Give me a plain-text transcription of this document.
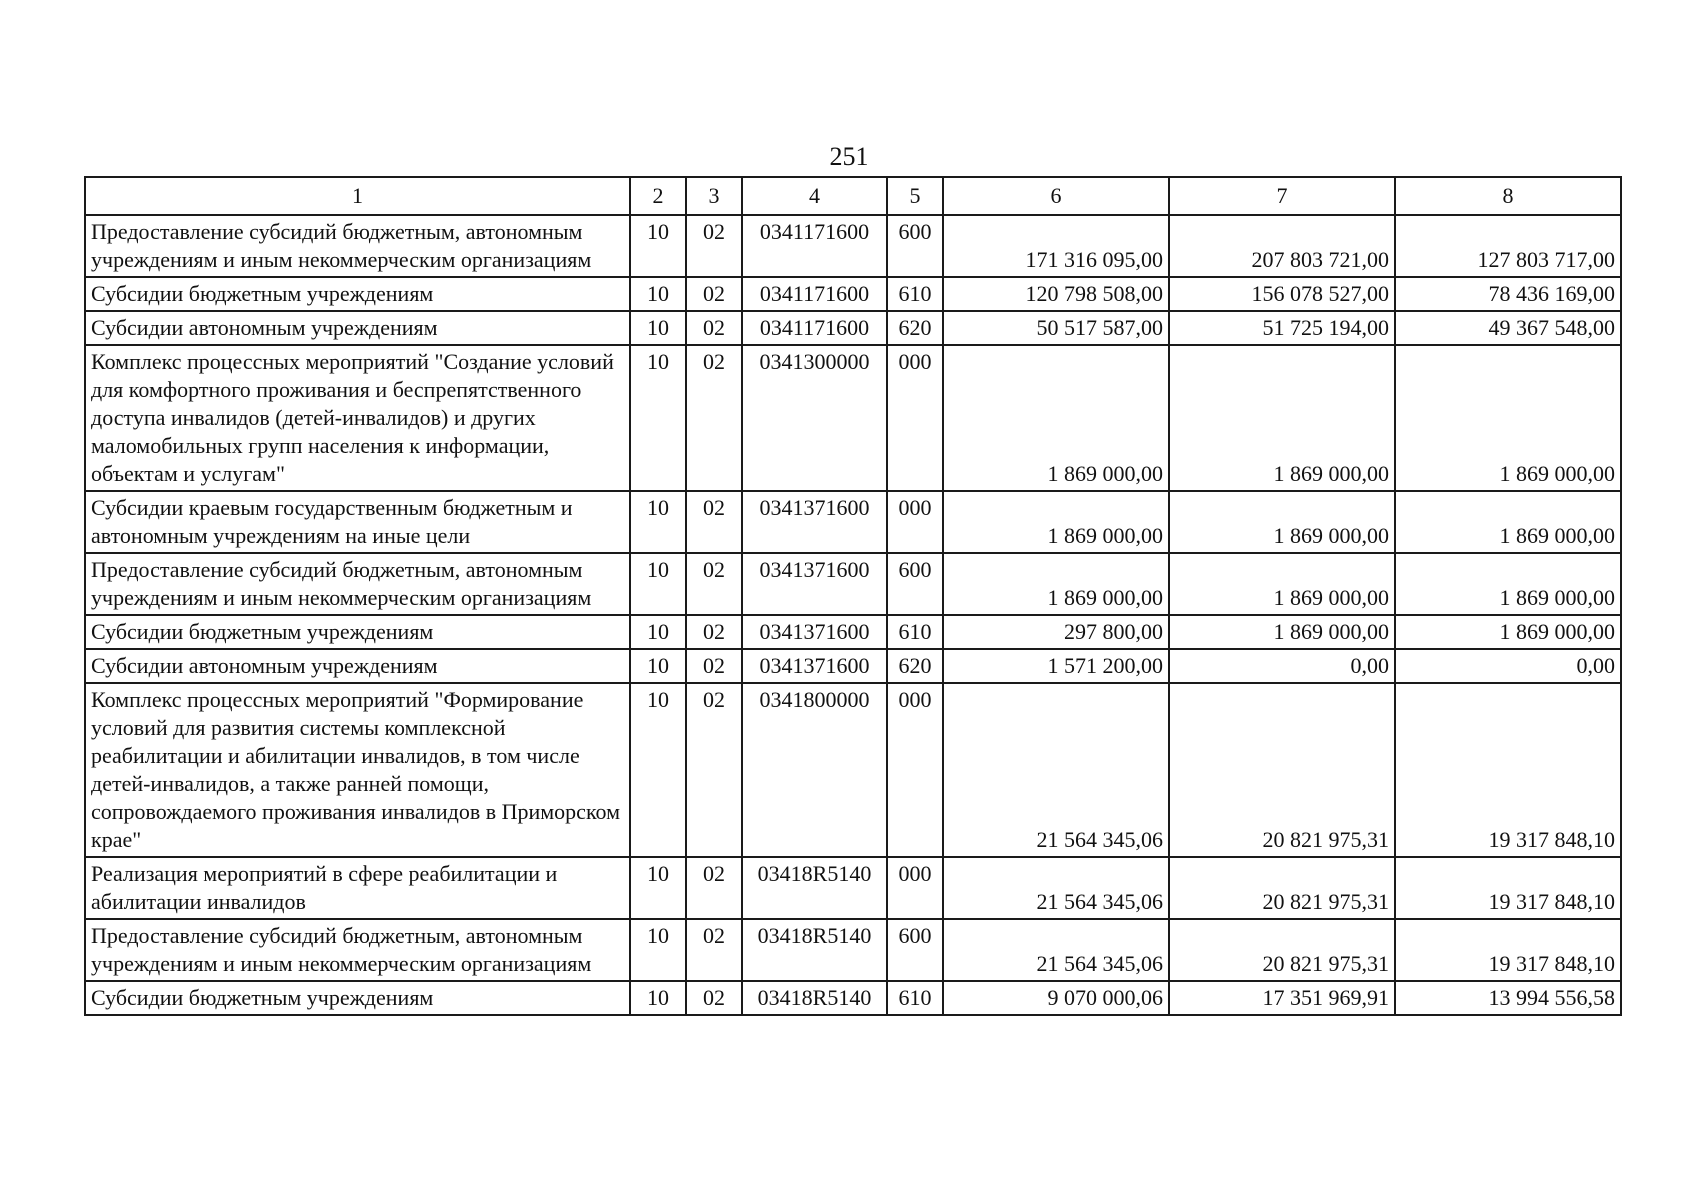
251
1	2	3	4	5	6	7	8
Предоставление субсидий бюджетным, автономным учреждениям и иным некоммерческим организациям	10	02	0341171600	600	171 316 095,00	207 803 721,00	127 803 717,00
Субсидии бюджетным учреждениям	10	02	0341171600	610	120 798 508,00	156 078 527,00	78 436 169,00
Субсидии автономным учреждениям	10	02	0341171600	620	50 517 587,00	51 725 194,00	49 367 548,00
Комплекс процессных мероприятий "Создание условий для комфортного проживания и беспрепятственного доступа инвалидов (детей-инвалидов) и других маломобильных групп населения к информации, объектам и услугам"	10	02	0341300000	000	1 869 000,00	1 869 000,00	1 869 000,00
Субсидии краевым государственным бюджетным и автономным учреждениям на иные цели	10	02	0341371600	000	1 869 000,00	1 869 000,00	1 869 000,00
Предоставление субсидий бюджетным, автономным учреждениям и иным некоммерческим организациям	10	02	0341371600	600	1 869 000,00	1 869 000,00	1 869 000,00
Субсидии бюджетным учреждениям	10	02	0341371600	610	297 800,00	1 869 000,00	1 869 000,00
Субсидии автономным учреждениям	10	02	0341371600	620	1 571 200,00	0,00	0,00
Комплекс процессных мероприятий "Формирование условий для развития системы комплексной реабилитации и абилитации инвалидов, в том числе детей-инвалидов, а также ранней помощи, сопровождаемого проживания инвалидов в Приморском крае"	10	02	0341800000	000	21 564 345,06	20 821 975,31	19 317 848,10
Реализация мероприятий в сфере реабилитации и абилитации инвалидов	10	02	03418R5140	000	21 564 345,06	20 821 975,31	19 317 848,10
Предоставление субсидий бюджетным, автономным учреждениям и иным некоммерческим организациям	10	02	03418R5140	600	21 564 345,06	20 821 975,31	19 317 848,10
Субсидии бюджетным учреждениям	10	02	03418R5140	610	9 070 000,06	17 351 969,91	13 994 556,58
